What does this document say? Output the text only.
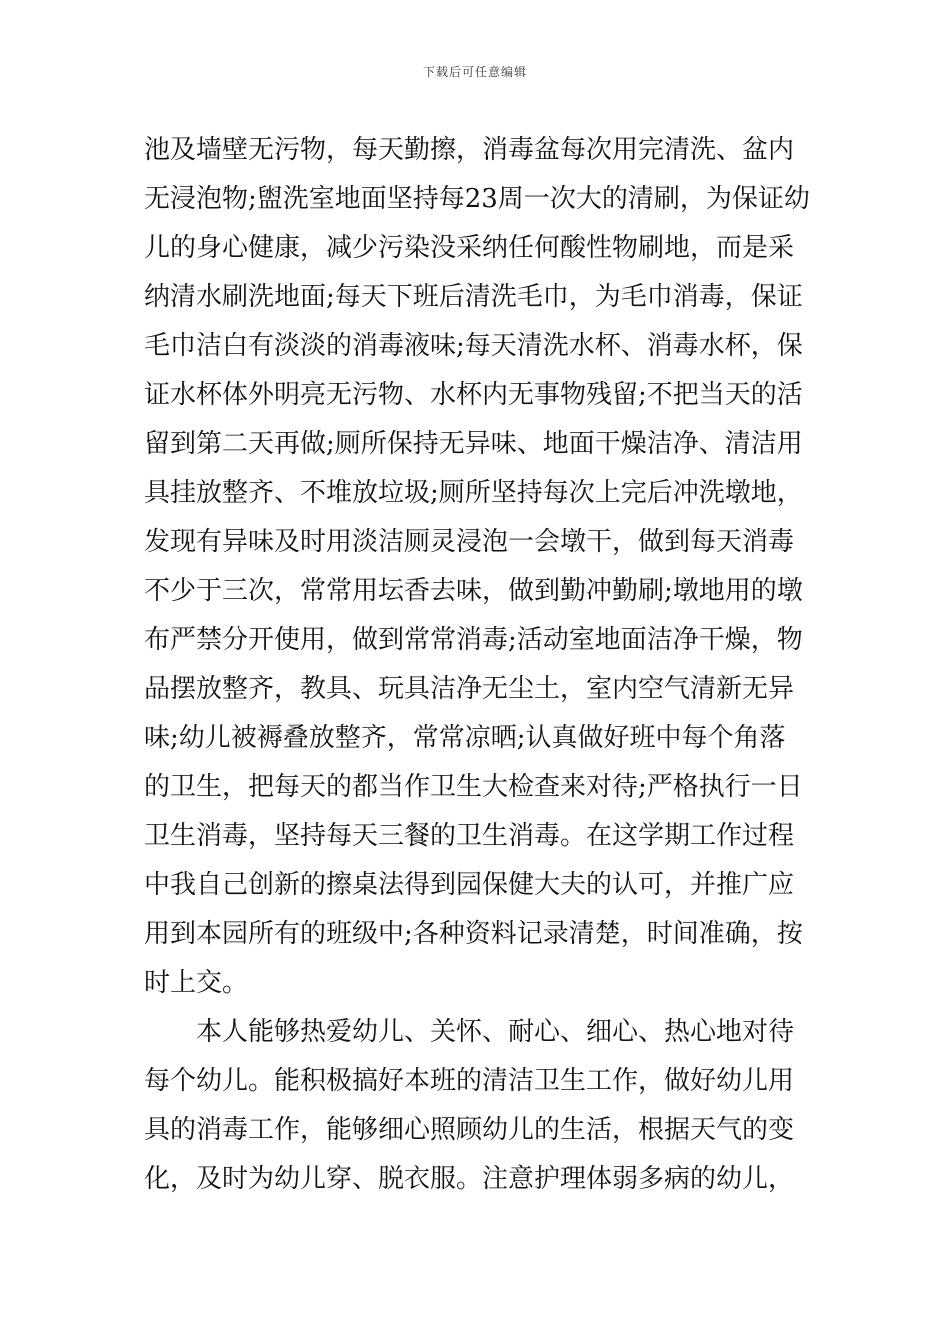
下载后可任意编辑
池及墙壁无污物，每天勤擦，消毒盆每次用完清洗、盆内
无浸泡物;盥洗室地面坚持每23周一次大的清刷，为保证幼
儿的身心健康，减少污染没采纳任何酸性物刷地，而是采
纳清水刷洗地面;每天下班后清洗毛巾，为毛巾消毒，保证
毛巾洁白有淡淡的消毒液味;每天清洗水杯、消毒水杯，保
证水杯体外明亮无污物、水杯内无事物残留;不把当天的活
留到第二天再做;厕所保持无异味、地面干燥洁净、清洁用
具挂放整齐、不堆放垃圾;厕所坚持每次上完后冲洗墩地，
发现有异味及时用淡洁厕灵浸泡一会墩干，做到每天消毒
不少于三次，常常用坛香去味，做到勤冲勤刷;墩地用的墩
布严禁分开使用，做到常常消毒;活动室地面洁净干燥，物
品摆放整齐，教具、玩具洁净无尘土，室内空气清新无异
味;幼儿被褥叠放整齐，常常凉晒;认真做好班中每个角落
的卫生，把每天的都当作卫生大检查来对待;严格执行一日
卫生消毒，坚持每天三餐的卫生消毒。在这学期工作过程
中我自己创新的擦桌法得到园保健大夫的认可，并推广应
用到本园所有的班级中;各种资料记录清楚，时间准确，按
时上交。
本人能够热爱幼儿、关怀、耐心、细心、热心地对待
每个幼儿。能积极搞好本班的清洁卫生工作，做好幼儿用
具的消毒工作，能够细心照顾幼儿的生活，根据天气的变
化，及时为幼儿穿、脱衣服。注意护理体弱多病的幼儿，
